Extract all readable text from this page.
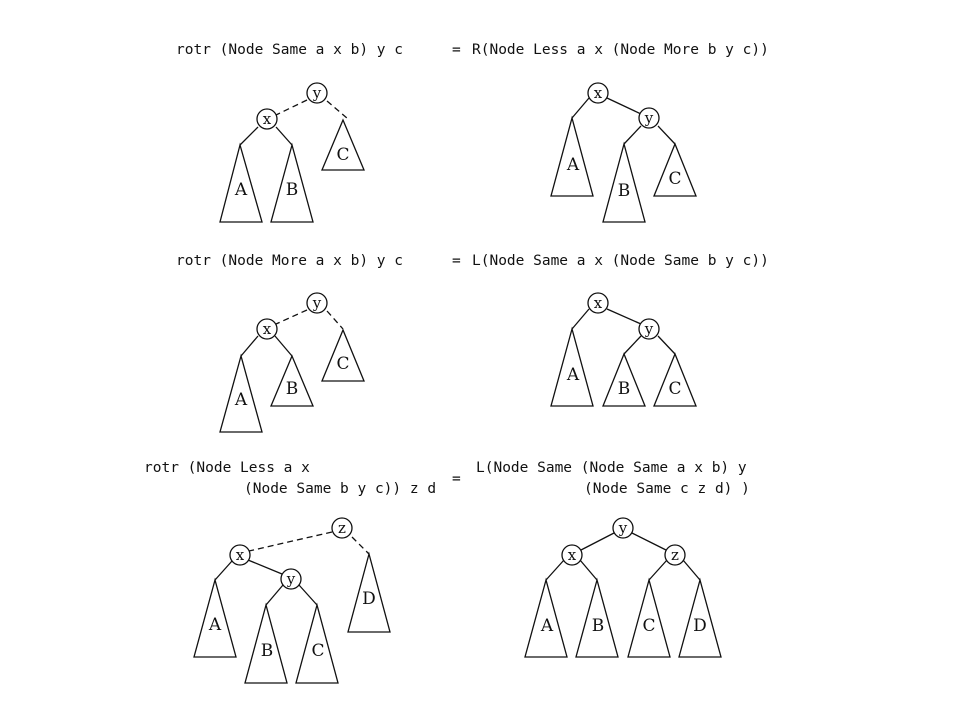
rotr (Node Same a x b) y c	= R(Node Less a x (Node More b y c))
rotr (Node More a x b) y c	= L(Node Same a x (Node Same b y c))
rotr (Node Less a x
(Node Same b y c)) z d
=
L(Node Same (Node Same a x b) y
(Node Same c z d) )
y
x
C
A B
x
y
A
B
C
y
x
C
A
B
x
y
A
B C
z
x
y
D
A
B C
y
x	z
A B C D
